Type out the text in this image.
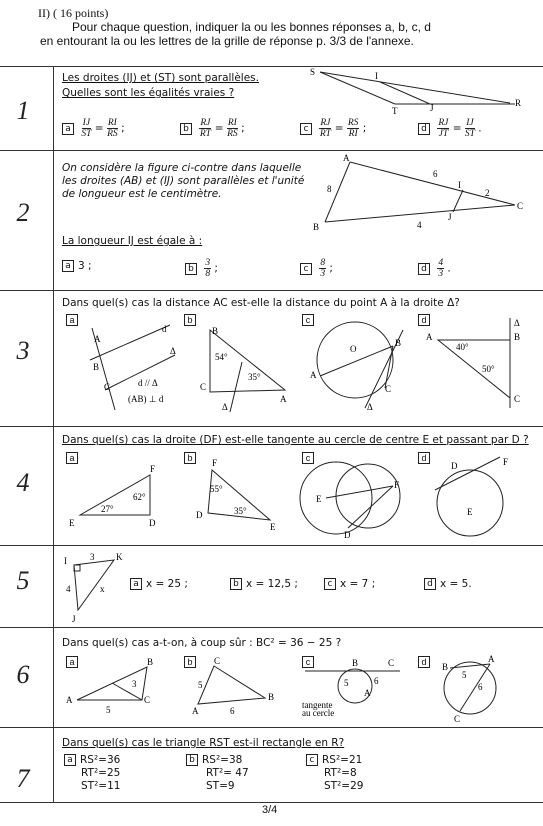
II) ( 16 points)
Pour chaque question, indiquer la ou les bonnes réponses a, b, c, d
en entourant la ou les lettres de la grille de réponse p. 3/3 de l'annexe.
1
Les droites (IJ) et (ST) sont parallèles.
Quelles sont les égalités vraies ?
S	I
R
T	J
a $\frac{IJ}{ST} = \frac{RI}{RS}$ ;	b $\frac{RJ}{RT} = \frac{RI}{RS}$ ;	c $\frac{RJ}{RT} = \frac{RS}{RI}$ ;	d $\frac{RJ}{JT} = \frac{IJ}{ST}$ .
2
On considère la figure ci-contre dans laquelle
les droites (AB) et (IJ) sont parallèles et l'unité
de longueur est le centimètre.
La longueur IJ est égale à :
A
B
C
I
J
6
8	2
4
a 3 ;	b $\frac{3}{8}$ ;	c $\frac{8}{3}$ ;	d $\frac{4}{3}$ .
3
Dans quel(s) cas la distance AC est-elle la distance du point A à la droite Δ?
a	b	c	d
A
B
C
d
Δ
d // Δ
(AB) ⊥ d
B
C
A
54°
35°
Δ
O
B
A
C
Δ
A	B
C
40°
50°
Δ
4
Dans quel(s) cas la droite (DF) est-elle tangente au cercle de centre E et passant par D ?
a	b	c	d
F
E	D
62°
27°
F
D
E
55°
35°
E
F
D
D	F
E
5
I	K
J
3
4	x	a x = 25 ;	b x = 12,5 ;	c x = 7 ;	d x = 5.
6
Dans quel(s) cas a-t-on, à coup sûr : BC² = 36 − 25 ?
a	b	c	d
B
A	C
5
3
C
A
B
5
6
B	C
A
5	6
tangente
au cercle
B
A
C
5
6
7
Dans quel(s) cas le triangle RST est-il rectangle en R?
a RS²=36
RT²=25
ST²=11
b RS²=38
RT²= 47
ST=9
c RS²=21
RT²=8
ST²=29
3/4
